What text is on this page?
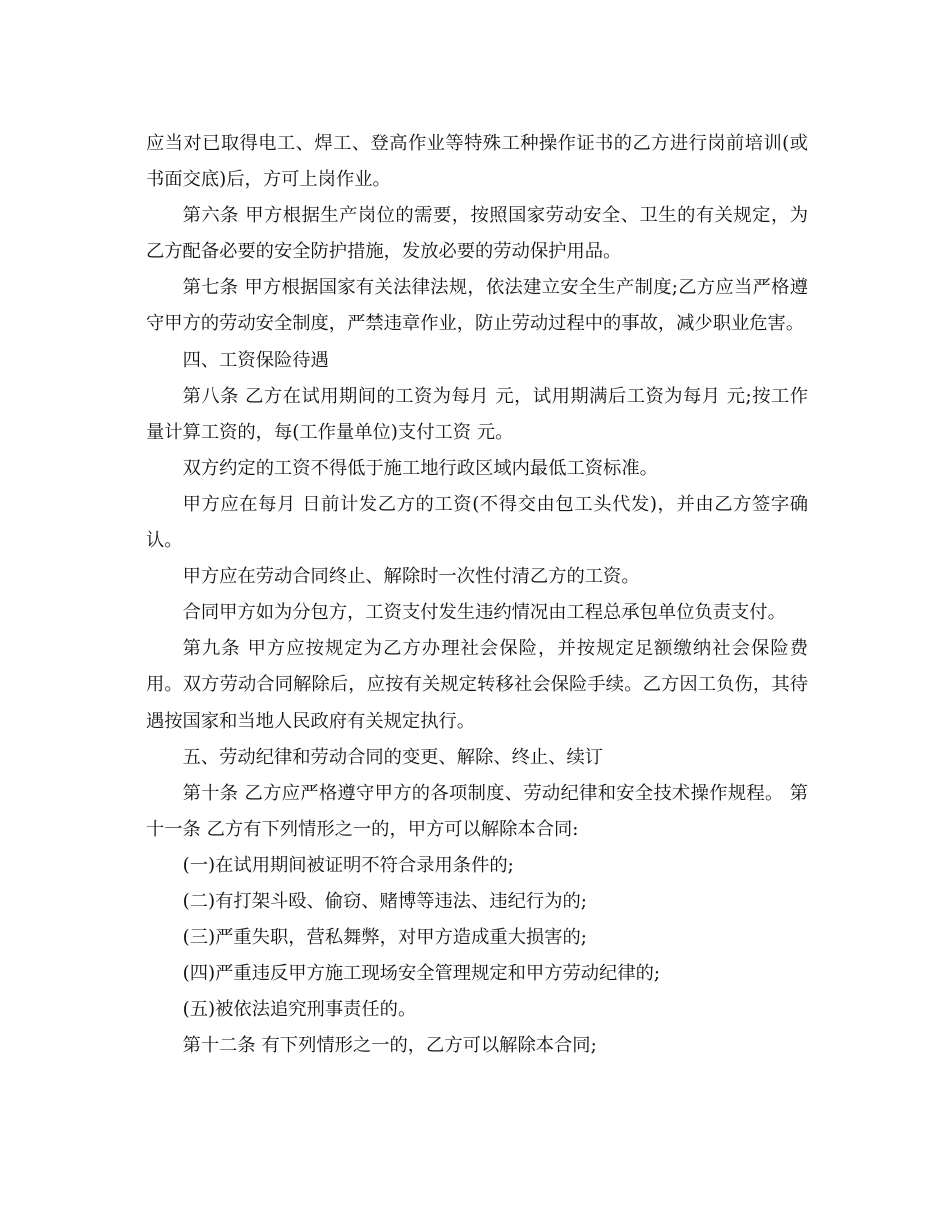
应当对已取得电工、焊工、登高作业等特殊工种操作证书的乙方进行岗前培训(或书面交底)后，方可上岗作业。

第六条 甲方根据生产岗位的需要，按照国家劳动安全、卫生的有关规定，为乙方配备必要的安全防护措施，发放必要的劳动保护用品。

第七条 甲方根据国家有关法律法规，依法建立安全生产制度;乙方应当严格遵守甲方的劳动安全制度，严禁违章作业，防止劳动过程中的事故，减少职业危害。

四、工资保险待遇

第八条 乙方在试用期间的工资为每月 元，试用期满后工资为每月 元;按工作量计算工资的，每(工作量单位)支付工资 元。

双方约定的工资不得低于施工地行政区域内最低工资标准。

甲方应在每月 日前计发乙方的工资(不得交由包工头代发)，并由乙方签字确认。

甲方应在劳动合同终止、解除时一次性付清乙方的工资。

合同甲方如为分包方，工资支付发生违约情况由工程总承包单位负责支付。

第九条 甲方应按规定为乙方办理社会保险，并按规定足额缴纳社会保险费用。双方劳动合同解除后，应按有关规定转移社会保险手续。乙方因工负伤，其待遇按国家和当地人民政府有关规定执行。

五、劳动纪律和劳动合同的变更、解除、终止、续订

第十条 乙方应严格遵守甲方的各项制度、劳动纪律和安全技术操作规程。 第十一条 乙方有下列情形之一的，甲方可以解除本合同:

(一)在试用期间被证明不符合录用条件的;

(二)有打架斗殴、偷窃、赌博等违法、违纪行为的;

(三)严重失职，营私舞弊，对甲方造成重大损害的;

(四)严重违反甲方施工现场安全管理规定和甲方劳动纪律的;

(五)被依法追究刑事责任的。

第十二条 有下列情形之一的，乙方可以解除本合同;
